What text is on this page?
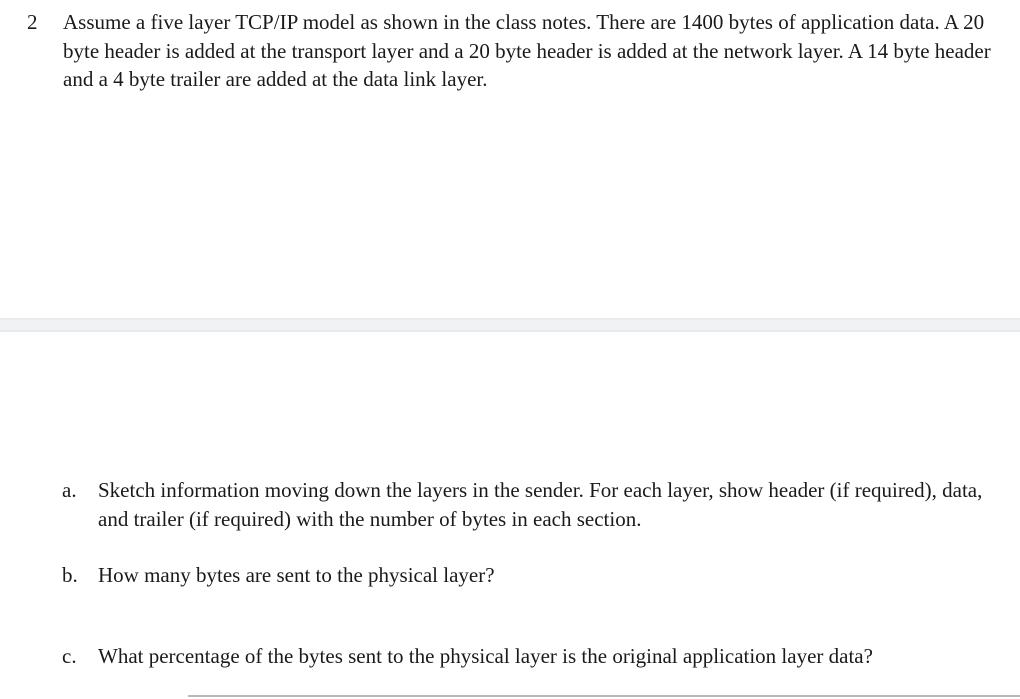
2 Assume a five layer TCP/IP model as shown in the class notes. There are 1400 bytes of application data. A 20 byte header is added at the transport layer and a 20 byte header is added at the network layer. A 14 byte header and a 4 byte trailer are added at the data link layer.
a. Sketch information moving down the layers in the sender. For each layer, show header (if required), data, and trailer (if required) with the number of bytes in each section.
b. How many bytes are sent to the physical layer?
c. What percentage of the bytes sent to the physical layer is the original application layer data?
